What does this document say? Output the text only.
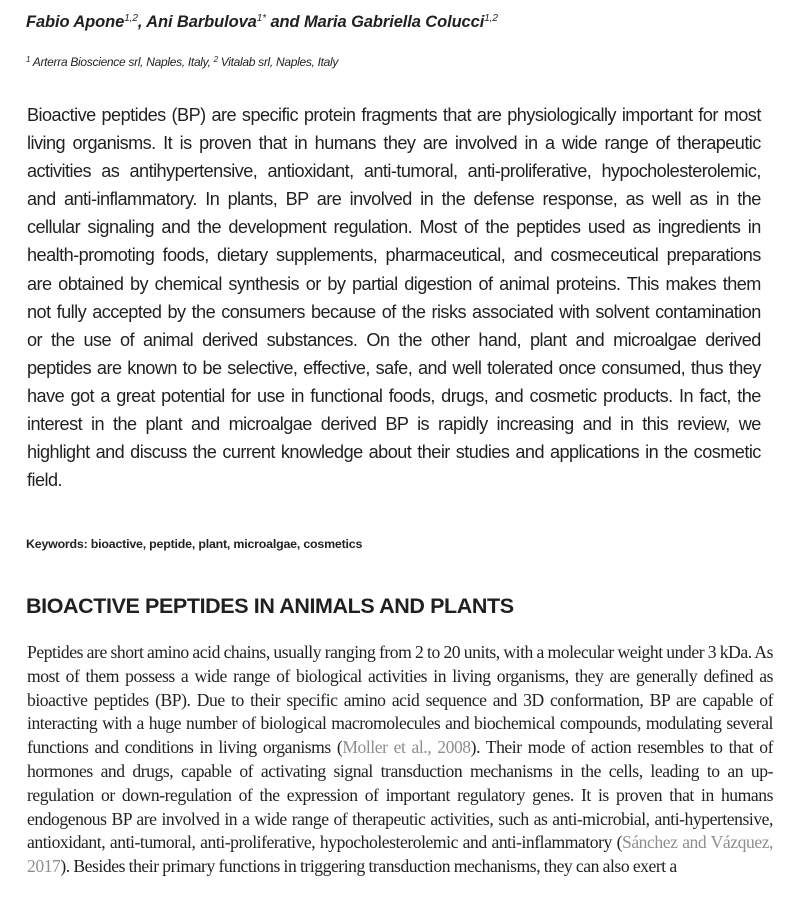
Fabio Apone$^{1,2}$, Ani Barbulova$^{1*}$ and Maria Gabriella Colucci$^{1,2}$
$^1$ Arterra Bioscience srl, Naples, Italy, $^2$ Vitalab srl, Naples, Italy

Bioactive peptides (BP) are specific protein fragments that are physiologically important for most living organisms. It is proven that in humans they are involved in a wide range of therapeutic activities as antihypertensive, antioxidant, anti-tumoral, anti-proliferative, hypocholesterolemic, and anti-inflammatory. In plants, BP are involved in the defense response, as well as in the cellular signaling and the development regulation. Most of the peptides used as ingredients in health-promoting foods, dietary supplements, pharmaceutical, and cosmeceutical preparations are obtained by chemical synthesis or by partial digestion of animal proteins. This makes them not fully accepted by the consumers because of the risks associated with solvent contamination or the use of animal derived substances. On the other hand, plant and microalgae derived peptides are known to be selective, effective, safe, and well tolerated once consumed, thus they have got a great potential for use in functional foods, drugs, and cosmetic products. In fact, the interest in the plant and microalgae derived BP is rapidly increasing and in this review, we highlight and discuss the current knowledge about their studies and applications in the cosmetic field.

Keywords: bioactive, peptide, plant, microalgae, cosmetics
BIOACTIVE PEPTIDES IN ANIMALS AND PLANTS

Peptides are short amino acid chains, usually ranging from 2 to 20 units, with a molecular weight under 3 kDa. As most of them possess a wide range of biological activities in living organisms, they are generally defined as bioactive peptides (BP). Due to their specific amino acid sequence and 3D conformation, BP are capable of interacting with a huge number of biological macromolecules and biochemical compounds, modulating several functions and conditions in living organisms (Moller et al., 2008). Their mode of action resembles to that of hormones and drugs, capable of activating signal transduction mechanisms in the cells, leading to an up-regulation or down-regulation of the expression of important regulatory genes. It is proven that in humans endogenous BP are involved in a wide range of therapeutic activities, such as anti-microbial, anti-hypertensive, antioxidant, anti-tumoral, anti-proliferative, hypocholesterolemic and anti-inflammatory (Sánchez and Vázquez, 2017). Besides their primary functions in triggering transduction mechanisms, they can also exert a
